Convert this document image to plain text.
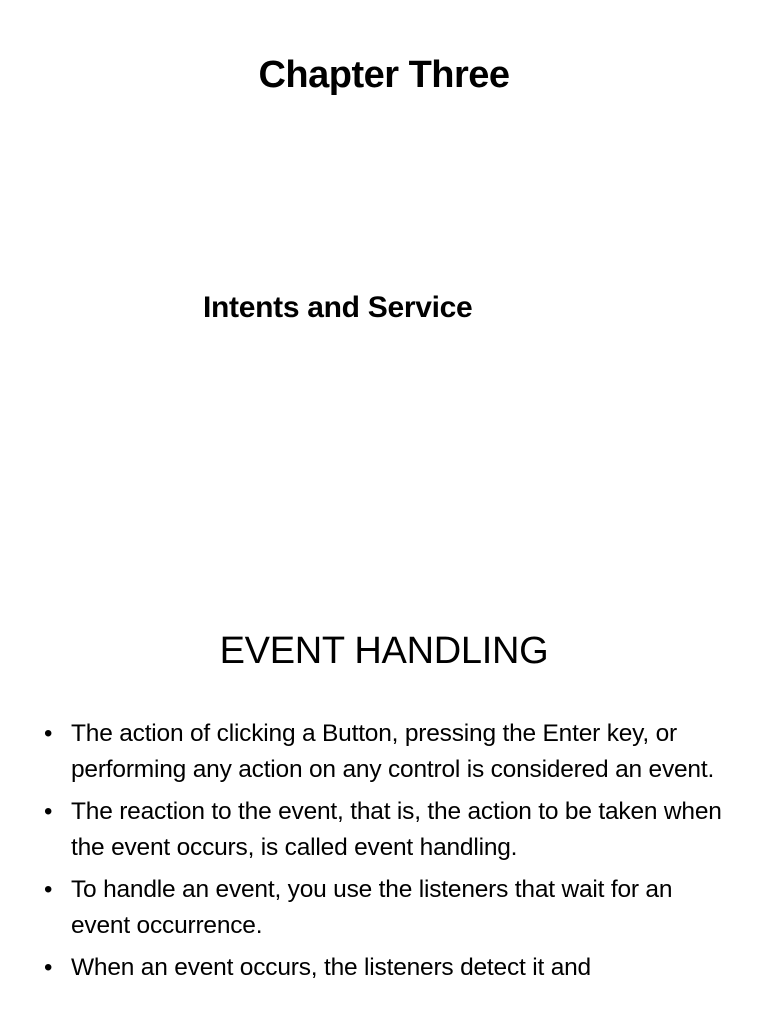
Chapter Three
Intents and Service
EVENT HANDLING
• The action of clicking a Button, pressing the Enter key, or performing any action on any control is considered an event.
• The reaction to the event, that is, the action to be taken when the event occurs, is called event handling.
• To handle an event, you use the listeners that wait for an event occurrence.
• When an event occurs, the listeners detect it and
